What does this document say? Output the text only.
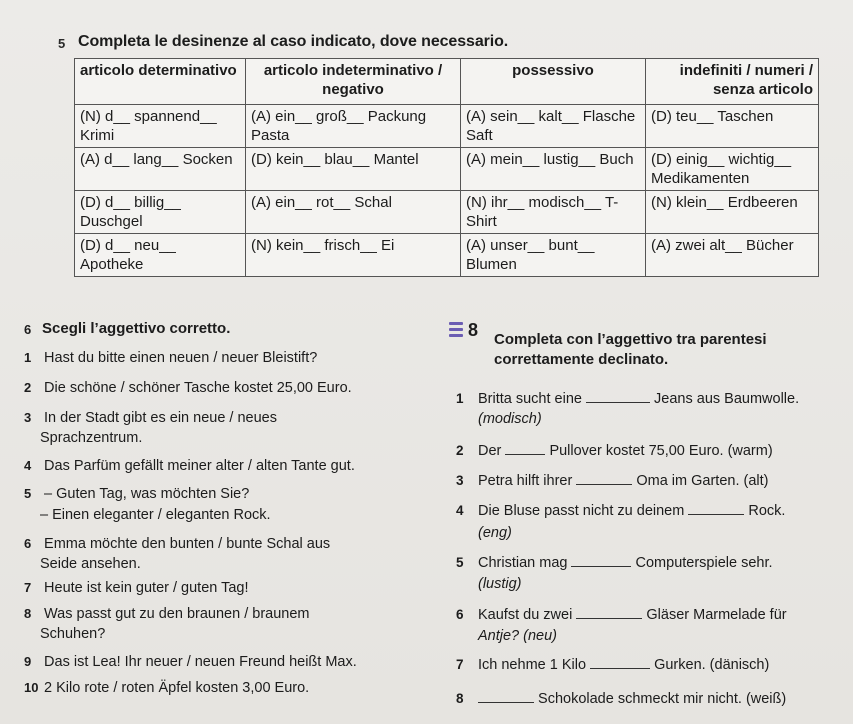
5 Completa le desinenze al caso indicato, dove necessario.
articolo determinativo	articolo indeterminativo / negativo	possessivo	indefiniti / numeri / senza articolo
(N) d__ spannend__ Krimi	(A) ein__ groß__ Packung Pasta	(A) sein__ kalt__ Flasche Saft	(D) teu__ Taschen
(A) d__ lang__ Socken	(D) kein__ blau__ Mantel	(A) mein__ lustig__ Buch	(D) einig__ wichtig__ Medikamenten
(D) d__ billig__ Duschgel	(A) ein__ rot__ Schal	(N) ihr__ modisch__ T-Shirt	(N) klein__ Erdbeeren
(D) d__ neu__ Apotheke	(N) kein__ frisch__ Ei	(A) unser__ bunt__ Blumen	(A) zwei alt__ Bücher
6 Scegli l’aggettivo corretto.
1 Hast du bitte einen neuen / neuer Bleistift?
2 Die schöne / schöner Tasche kostet 25,00 Euro.
3 In der Stadt gibt es ein neue / neues
Sprachzentrum.
4 Das Parfüm gefällt meiner alter / alten Tante gut.
5 – Guten Tag, was möchten Sie?
– Einen eleganter / eleganten Rock.
6 Emma möchte den bunten / bunte Schal aus
Seide ansehen.
7 Heute ist kein guter / guten Tag!
8 Was passt gut zu den braunen / braunem
Schuhen?
9 Das ist Lea! Ihr neuer / neuen Freund heißt Max.
10 2 Kilo rote / roten Äpfel kosten 3,00 Euro.
8 Completa con l’aggettivo tra parentesi correttamente declinato.
1 Britta sucht eine	Jeans aus Baumwolle.
(modisch)
2 Der	Pullover kostet 75,00 Euro. (warm)
3 Petra hilft ihrer	Oma im Garten. (alt)
4 Die Bluse passt nicht zu deinem	Rock.
(eng)
5 Christian mag	Computerspiele sehr.
(lustig)
6 Kaufst du zwei	Gläser Marmelade für
Antje? (neu)
7 Ich nehme 1 Kilo	Gurken. (dänisch)
8	Schokolade schmeckt mir nicht. (weiß)
